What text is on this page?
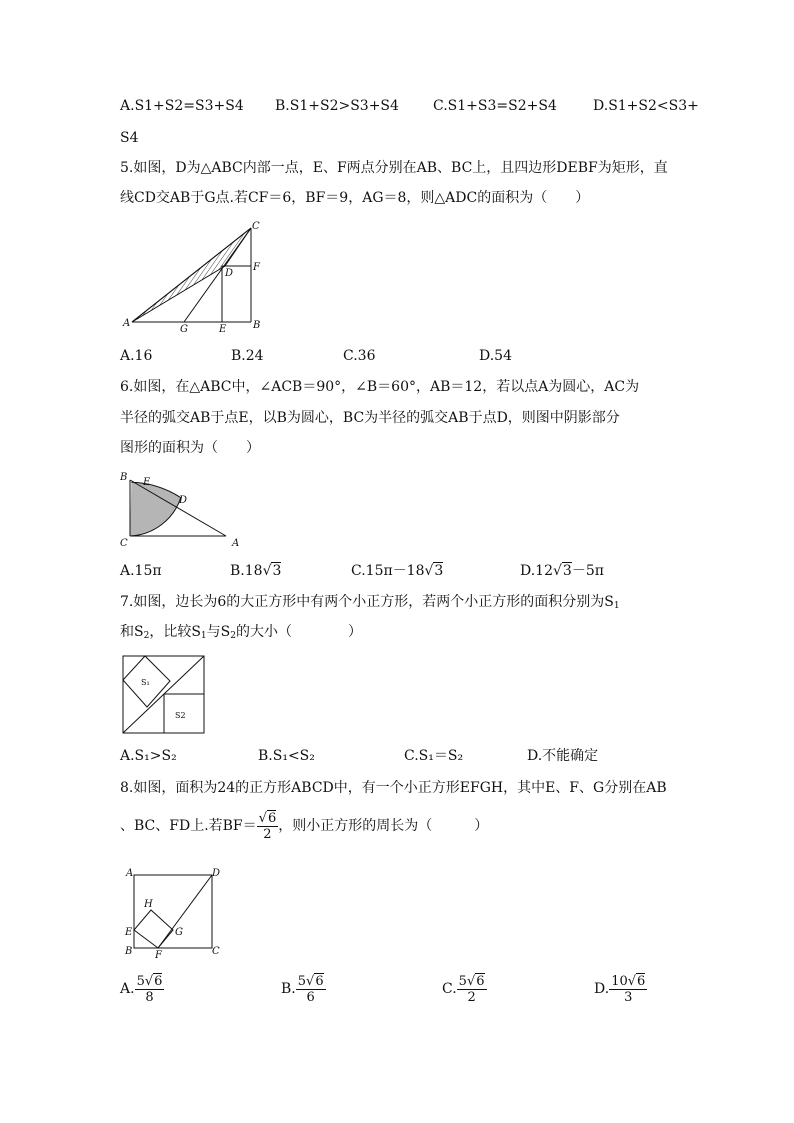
A.S1+S2=S3+S4 B.S1+S2>S3+S4 C.S1+S3=S2+S4	D.S1+S2<S3+
S4
5.如图，D为△ABC内部一点，E、F两点分别在AB、BC上，且四边形DEBF为矩形，直
线CD交AB于G点.若CF＝6，BF＝9，AG＝8，则△ADC的面积为（　　）
A
G	E	B
C
F
D
A.16	B.24	C.36	D.54
6.如图，在△ABC中，∠ACB＝90°，∠B＝60°，AB＝12，若以点A为圆心，AC为
半径的弧交AB于点E，以B为圆心，BC为半径的弧交AB于点D，则图中阴影部分
图形的面积为（　　）
B E
D
C	A
A.15π	B.18√3	C.15π－18√3	D.12√3－5π
7.如图，边长为6的大正方形中有两个小正方形，若两个小正方形的面积分别为$S_1$
和$S_2$，比较$S_1$与$S_2$的大小（　　　　）
S₁
S2
A.S₁>S₂	B.S₁<S₂	C.S₁＝S₂	D.不能确定
8.如图，面积为24的正方形ABCD中，有一个小正方形EFGH，其中E、F、G分别在AB
、BC、FD上.若$BF= \frac{√6}{2}$ ，则小正方形的周长为（　　　）
A	D
H
E	G
B F	C
A. $\frac{5√6}{8}$	B. $\frac{5√6}{6}$	C. $\frac{5√6}{2}$	D. $\frac{10√6}{3}$
